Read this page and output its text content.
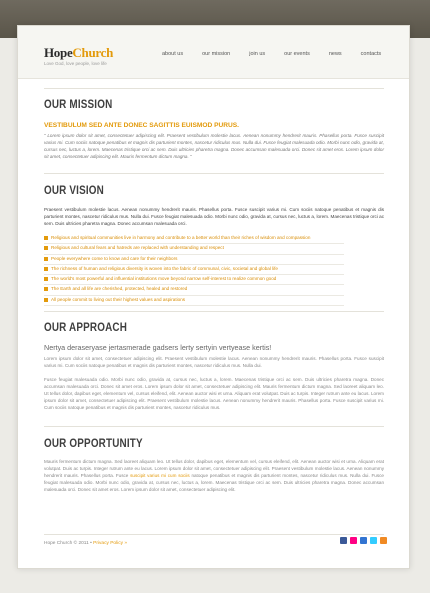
HopeChurch
Love God, love people, love life
about us	our mission	join us	our events	news	contacts
OUR MISSION
VESTIBULUM SED ANTE DONEC SAGITTIS EUISMOD PURUS.
" Lorem ipsum dolor sit amet, consectetuer adipiscing elit. Praesent vestibulum molestie lacus. Aenean nonummy hendrerit mauris. Phasellus porta. Fusce suscipit varius mi. Cum sociis natoque penatibus et magnis dis parturient montes, nascetur ridiculus mus. Nulla dui. Fusce feugiat malesuada odio. Morbi nunc odio, gravida at, cursus nec, luctus a, lorem. Maecenas tristique orci ac sem. Duis ultricies pharetra magna. Donec accumsan malesuada orci. Donec sit amet eros. Lorem ipsum dolor sit amet, consectetuer adipiscing elit. Mauris fermentum dictum magna. "
OUR VISION
Praesent vestibulum molestie lacus. Aenean nonummy hendrerit mauris. Phasellus porta. Fusce suscipit varius mi. Cum sociis natoque penatibus et magnis dis parturient montes, nascetur ridiculus mus. Nulla dui. Fusce feugiat malesuada odio. Morbi nunc odio, gravida at, cursus nec, luctus a, lorem. Maecenas tristique orci ac sem. Duis ultricies pharetra magna. Donec accumsan malesuada orci.
Religious and spiritual communities live in harmony and contribute to a better world than their riches of wisdom and compassion
Religious and cultural fears and hatreds are replaced with understanding and respect
People everywhere come to know and care for their neighbors
The richness of human and religious diversity is woven into the fabric of communal, civic, societal and global life
The world's most powerful and influential institutions move beyond narrow self-interest to realize common good
The Earth and all life are cherished, protected, healed and restored
All people commit to living out their highest values and aspirations
OUR APPROACH
Nertya deraseryase jertasmerade gadsers lerty sertyin vertyease kertis!
Lorem ipsum dolor sit amet, consectetuer adipiscing elit. Praesent vestibulum molestie lacus. Aenean nonummy hendrerit mauris. Phasellus porta. Fusce suscipit varius mi. Cum sociis natoque penatibus et magnis dis parturient montes, nascetur ridiculus mus. Nulla dui.
Fusce feugiat malesuada odio. Morbi nunc odio, gravida at, cursus nec, luctus a, lorem. Maecenas tristique orci ac sem. Duis ultricies pharetra magna. Donec accumsan malesuada orci. Donec sit amet eros. Lorem ipsum dolor sit amet, consectetuer adipiscing elit. Mauris fermentum dictum magna. Sed laoreet aliquam leo. Ut tellus dolor, dapibus eget, elementum vel, cursus eleifend, elit. Aenean auctor wisi et urna. Aliquam erat volutpat. Duis ac turpis. Integer rutrum ante eu lacus. Lorem ipsum dolor sit amet, consectetuer adipiscing elit. Praesent vestibulum molestie lacus. Aenean nonummy hendrerit mauris. Phasellus porta. Fusce suscipit varius mi. Cum sociis natoque penatibus et magnis dis parturient montes, nascetur ridiculus mus.
OUR OPPORTUNITY
Mauris fermentum dictum magna. Sed laoreet aliquam leo. Ut tellus dolor, dapibus eget, elementum vel, cursus eleifend, elit. Aenean auctor wisi et urna. Aliquam erat volutpat. Duis ac turpis. Integer rutrum ante eu lacus. Lorem ipsum dolor sit amet, consectetuer adipiscing elit. Praesent vestibulum molestie lacus. Aenean nonummy hendrerit mauris. Phasellus porta. Fusce suscipit varius mi cum sociis natoque penatibus et magnis dis parturient montes, nascetur ridiculus mus. Nulla dui. Fusce feugiat malesuada odio. Morbi nunc odio, gravida at, cursus nec, luctus a, lorem. Maecenas tristique orci ac sem. Duis ultricies pharetra magna. Donec accumsan malesuada orci. Donec sit amet eros. Lorem ipsum dolor sit amet, consectetuer adipiscing elit.
Hope Church © 2011 • Privacy Policy »
